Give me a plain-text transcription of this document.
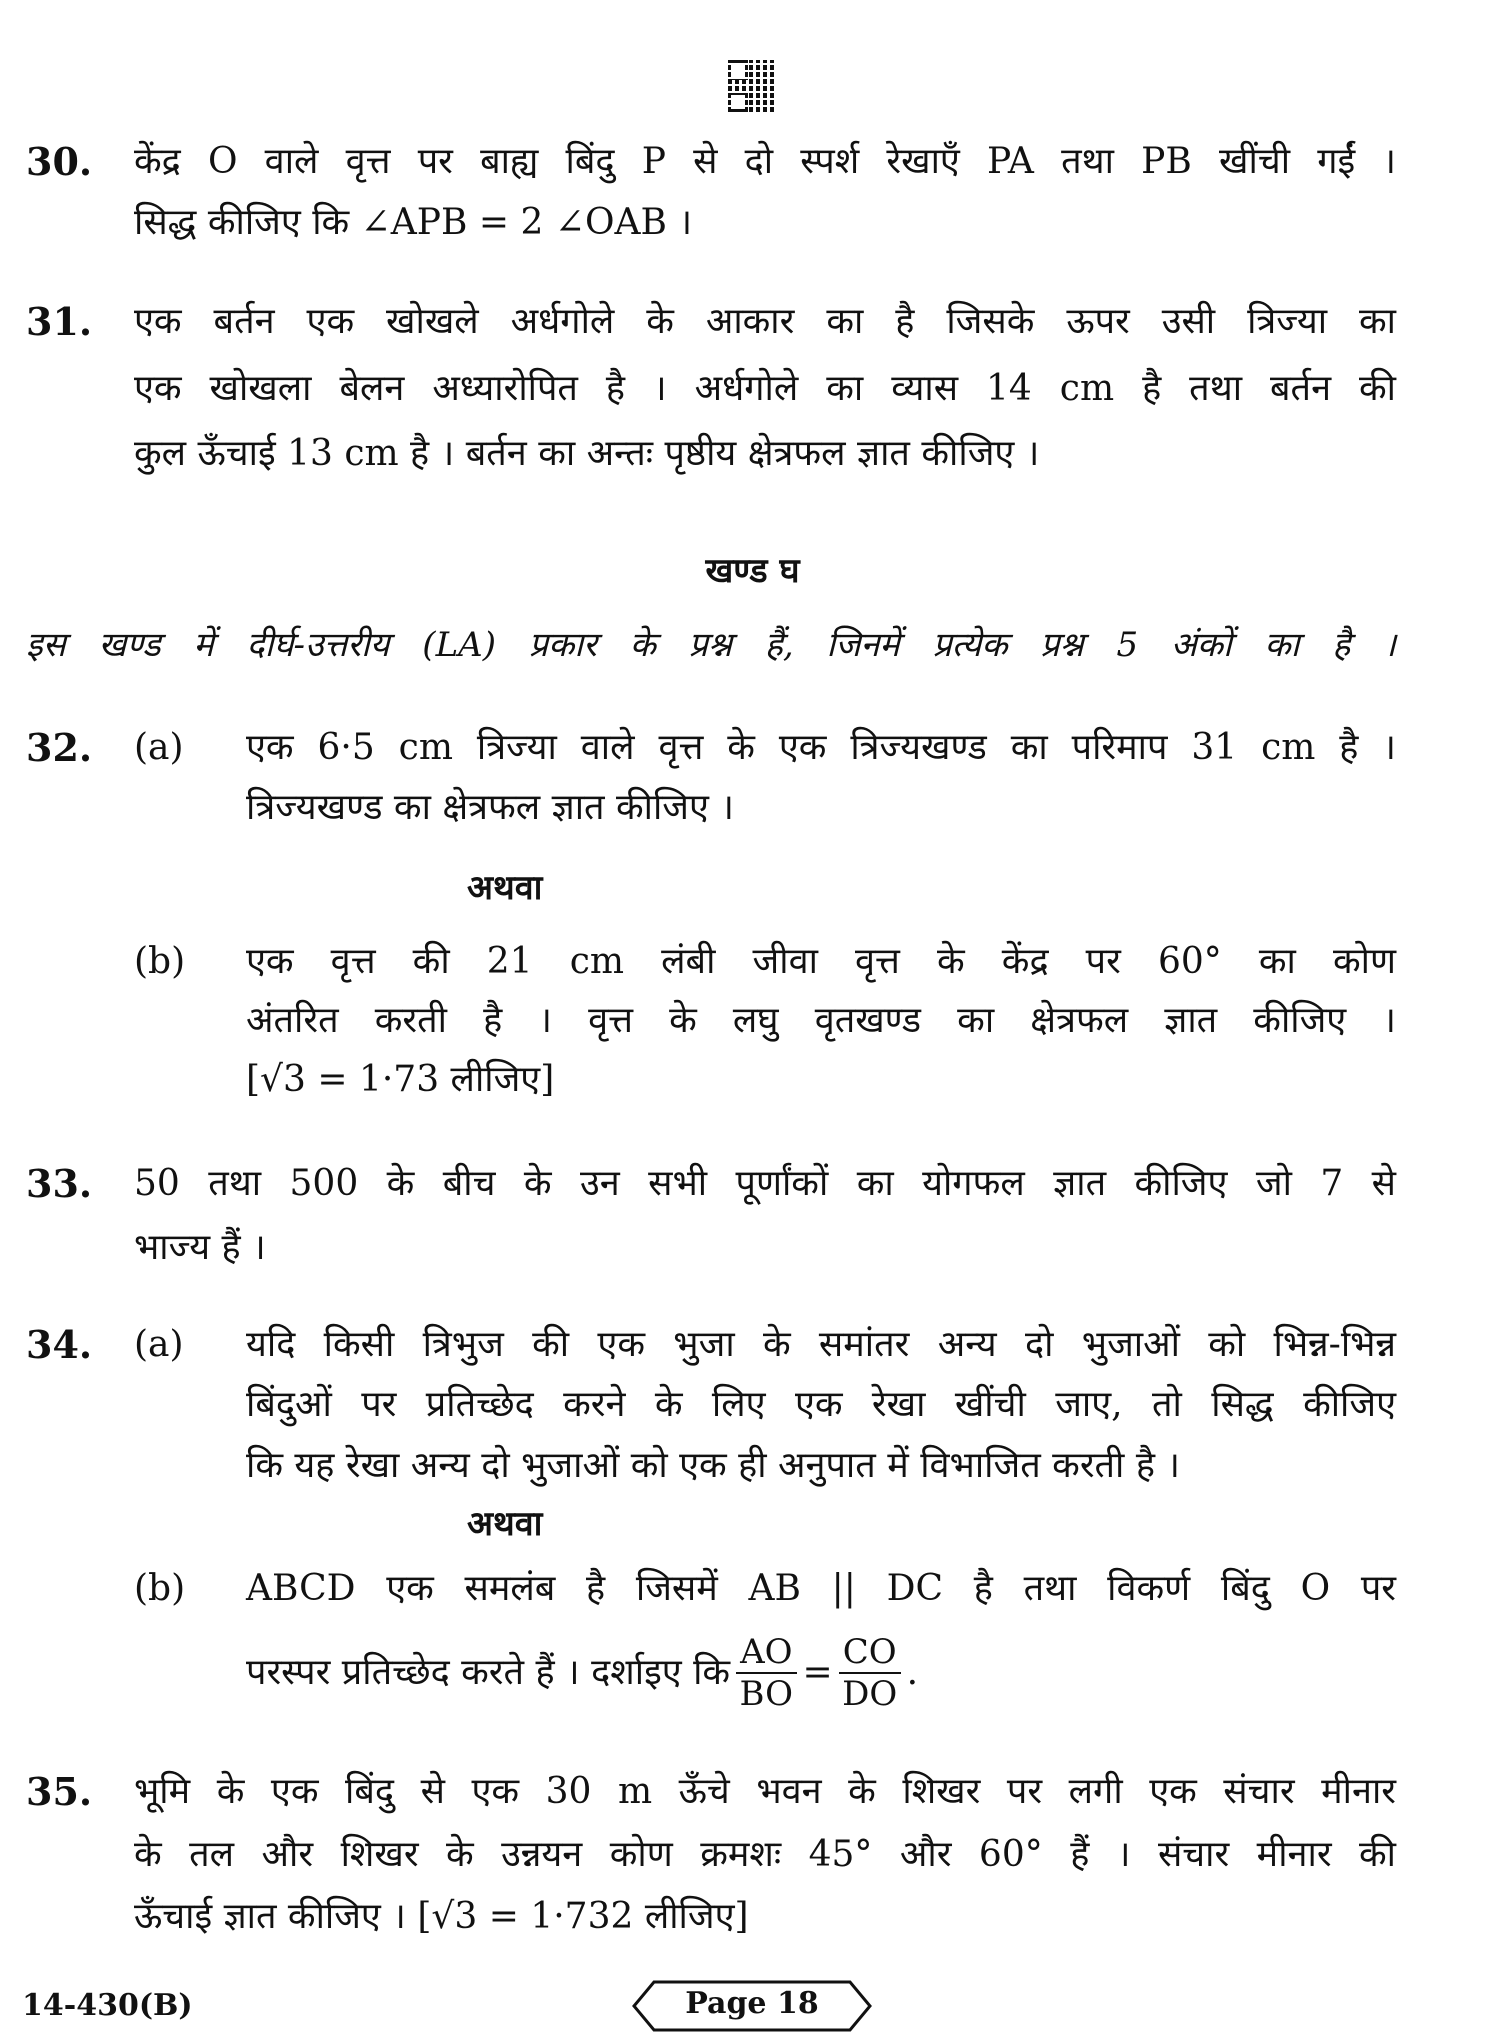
30. केंद्र O वाले वृत्त पर बाह्य बिंदु P से दो स्पर्श रेखाएँ PA तथा PB खींची गईं ।
सिद्ध कीजिए कि ∠APB = 2 ∠OAB ।
31. एक बर्तन एक खोखले अर्धगोले के आकार का है जिसके ऊपर उसी त्रिज्या का
एक खोखला बेलन अध्यारोपित है । अर्धगोले का व्यास 14 cm है तथा बर्तन की
कुल ऊँचाई 13 cm है । बर्तन का अन्तः पृष्ठीय क्षेत्रफल ज्ञात कीजिए ।
खण्ड घ
इस खण्ड में दीर्घ-उत्तरीय (LA) प्रकार के प्रश्न हैं, जिनमें प्रत्येक प्रश्न 5 अंकों का है ।
32. (a) एक 6·5 cm त्रिज्या वाले वृत्त के एक त्रिज्यखण्ड का परिमाप 31 cm है ।
त्रिज्यखण्ड का क्षेत्रफल ज्ञात कीजिए ।
अथवा
(b) एक वृत्त की 21 cm लंबी जीवा वृत्त के केंद्र पर 60° का कोण
अंतरित करती है । वृत्त के लघु वृतखण्ड का क्षेत्रफल ज्ञात कीजिए ।
[√3 = 1·73 लीजिए]
33. 50 तथा 500 के बीच के उन सभी पूर्णांकों का योगफल ज्ञात कीजिए जो 7 से
भाज्य हैं ।
34. (a) यदि किसी त्रिभुज की एक भुजा के समांतर अन्य दो भुजाओं को भिन्न-भिन्न
बिंदुओं पर प्रतिच्छेद करने के लिए एक रेखा खींची जाए, तो सिद्ध कीजिए
कि यह रेखा अन्य दो भुजाओं को एक ही अनुपात में विभाजित करती है ।
अथवा
(b) ABCD एक समलंब है जिसमें AB || DC है तथा विकर्ण बिंदु O पर
परस्पर प्रतिच्छेद करते हैं । दर्शाइए कि $\frac{AO}{BO} = \frac{CO}{DO}$ .
35. भूमि के एक बिंदु से एक 30 m ऊँचे भवन के शिखर पर लगी एक संचार मीनार
के तल और शिखर के उन्नयन कोण क्रमशः 45° और 60° हैं । संचार मीनार की
ऊँचाई ज्ञात कीजिए । [√3 = 1·732 लीजिए]
14-430(B)	Page 18
